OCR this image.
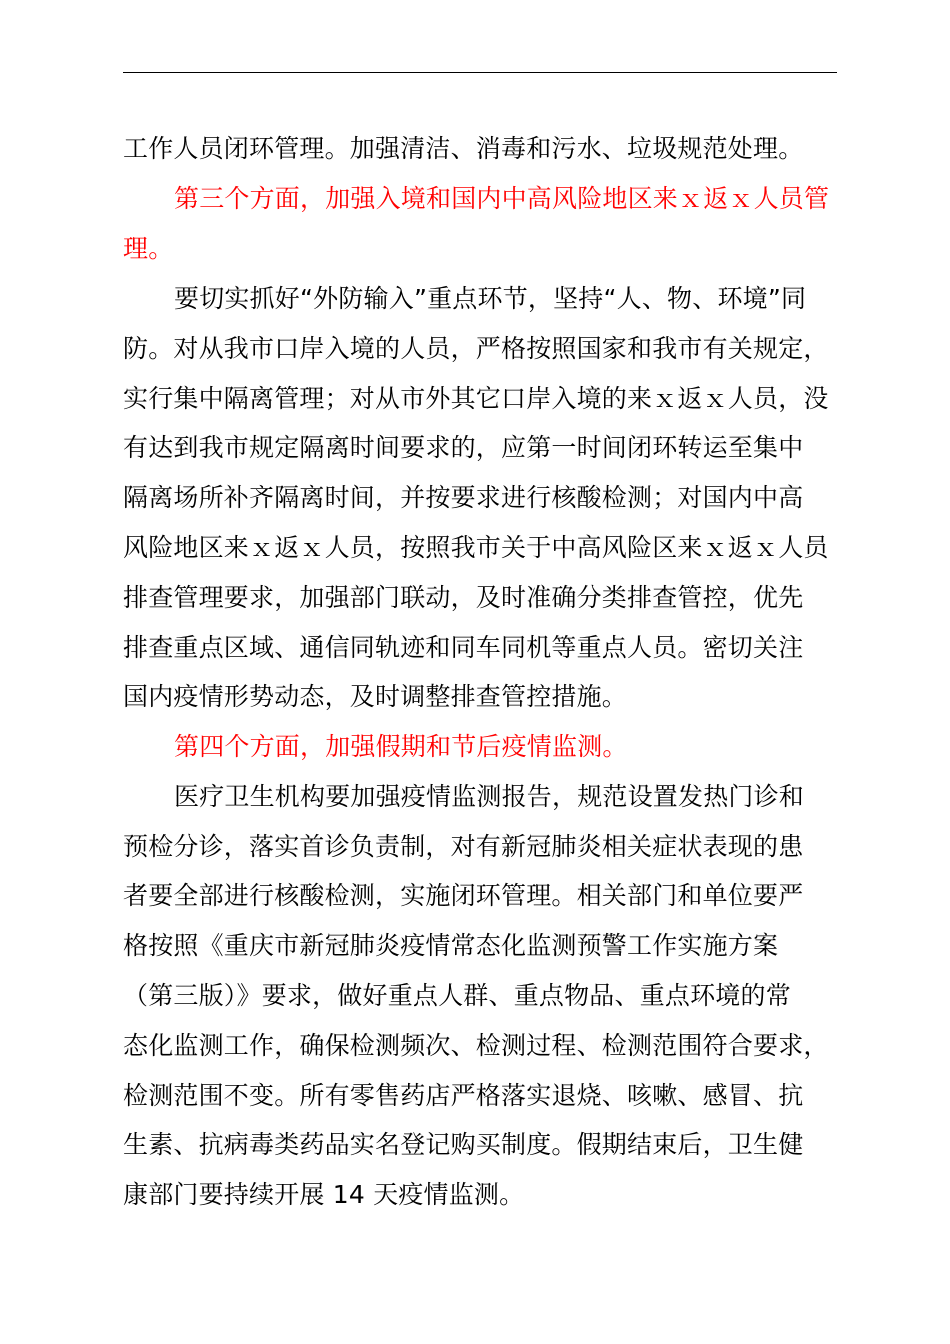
工作人员闭环管理。加强清洁、消毒和污水、垃圾规范处理。
第三个方面，加强入境和国内中高风险地区来ｘ返ｘ人员管
理。
要切实抓好“外防输入”重点环节，坚持“人、物、环境”同
防。对从我市口岸入境的人员，严格按照国家和我市有关规定，
实行集中隔离管理；对从市外其它口岸入境的来ｘ返ｘ人员，没
有达到我市规定隔离时间要求的，应第一时间闭环转运至集中
隔离场所补齐隔离时间，并按要求进行核酸检测；对国内中高
风险地区来ｘ返ｘ人员，按照我市关于中高风险区来ｘ返ｘ人员
排查管理要求，加强部门联动，及时准确分类排查管控，优先
排查重点区域、通信同轨迹和同车同机等重点人员。密切关注
国内疫情形势动态，及时调整排查管控措施。
第四个方面，加强假期和节后疫情监测。
医疗卫生机构要加强疫情监测报告，规范设置发热门诊和
预检分诊，落实首诊负责制，对有新冠肺炎相关症状表现的患
者要全部进行核酸检测，实施闭环管理。相关部门和单位要严
格按照《重庆市新冠肺炎疫情常态化监测预警工作实施方案
（第三版）》要求，做好重点人群、重点物品、重点环境的常
态化监测工作，确保检测频次、检测过程、检测范围符合要求，
检测范围不变。所有零售药店严格落实退烧、咳嗽、感冒、抗
生素、抗病毒类药品实名登记购买制度。假期结束后，卫生健
康部门要持续开展 14 天疫情监测。
